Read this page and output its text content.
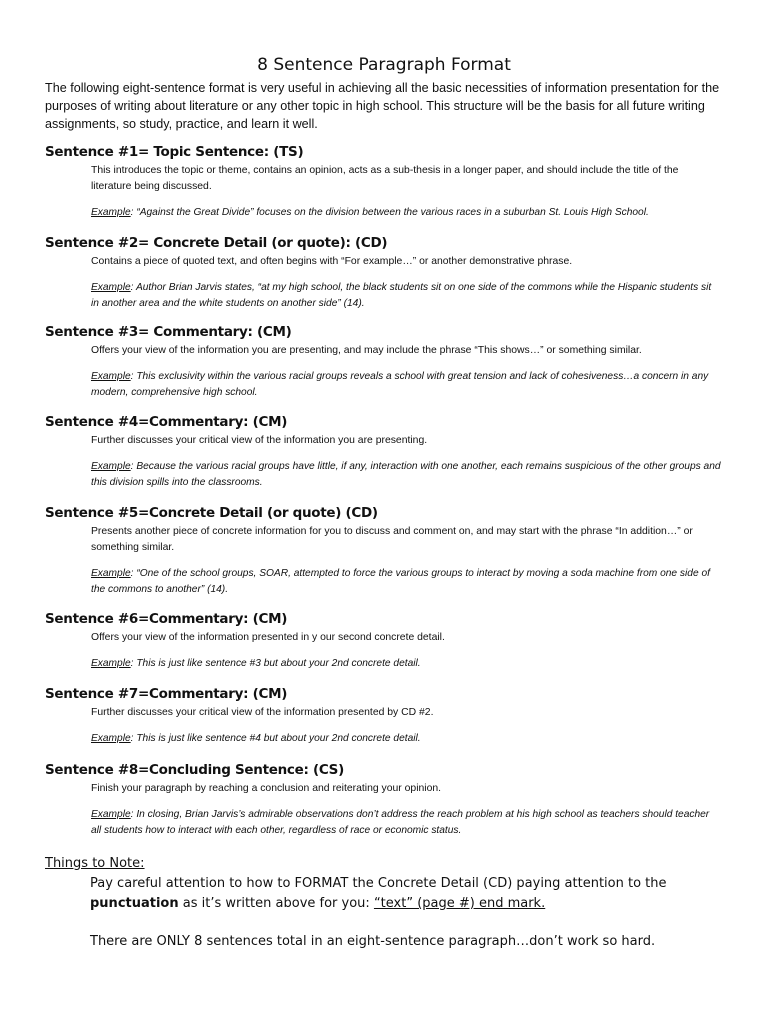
8 Sentence Paragraph Format
The following eight-sentence format is very useful in achieving all the basic necessities of information presentation for the purposes of writing about literature or any other topic in high school. This structure will be the basis for all future writing assignments, so study, practice, and learn it well.
Sentence #1= Topic Sentence: (TS)
This introduces the topic or theme, contains an opinion, acts as a sub-thesis in a longer paper, and should include the title of the literature being discussed.
Example: “Against the Great Divide” focuses on the division between the various races in a suburban St. Louis High School.
Sentence #2= Concrete Detail (or quote): (CD)
Contains a piece of quoted text, and often begins with “For example…” or another demonstrative phrase.
Example: Author Brian Jarvis states, “at my high school, the black students sit on one side of the commons while the Hispanic students sit in another area and the white students on another side” (14).
Sentence #3= Commentary: (CM)
Offers your view of the information you are presenting, and may include the phrase “This shows…” or something similar.
Example: This exclusivity within the various racial groups reveals a school with great tension and lack of cohesiveness…a concern in any modern, comprehensive high school.
Sentence #4=Commentary: (CM)
Further discusses your critical view of the information you are presenting.
Example: Because the various racial groups have little, if any, interaction with one another, each remains suspicious of the other groups and this division spills into the classrooms.
Sentence #5=Concrete Detail (or quote) (CD)
Presents another piece of concrete information for you to discuss and comment on, and may start with the phrase “In addition…” or something similar.
Example: “One of the school groups, SOAR, attempted to force the various groups to interact by moving a soda machine from one side of the commons to another” (14).
Sentence #6=Commentary: (CM)
Offers your view of the information presented in y our second concrete detail.
Example: This is just like sentence #3 but about your 2nd concrete detail.
Sentence #7=Commentary: (CM)
Further discusses your critical view of the information presented by CD #2.
Example: This is just like sentence #4 but about your 2nd concrete detail.
Sentence #8=Concluding Sentence: (CS)
Finish your paragraph by reaching a conclusion and reiterating your opinion.
Example: In closing, Brian Jarvis’s admirable observations don’t address the reach problem at his high school as teachers should teacher all students how to interact with each other, regardless of race or economic status.
Things to Note:
Pay careful attention to how to FORMAT the Concrete Detail (CD) paying attention to the punctuation as it’s written above for you: “text” (page #) end mark.
There are ONLY 8 sentences total in an eight-sentence paragraph…don’t work so hard.
